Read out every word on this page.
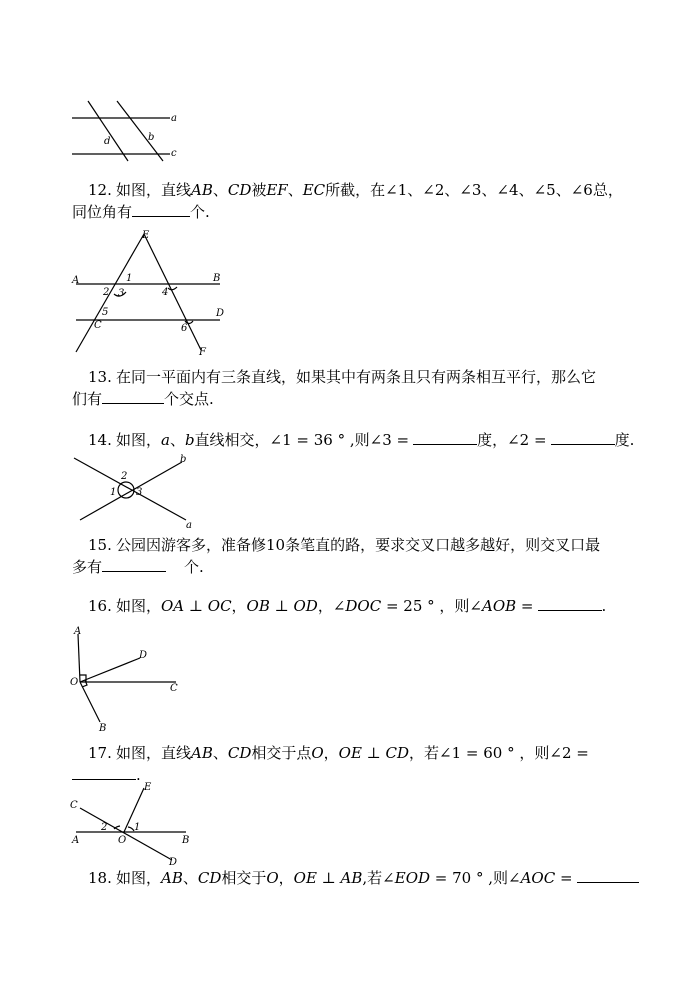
a
b
c
d
12. 如图，直线𝐴𝐵、𝐶𝐷被𝐸𝐹、𝐸𝐶所截，在∠1、∠2、∠3、∠4、∠5、∠6总，
同位角有	个.
E
A	B
C
D
F
1
2 3	4
5
6
13. 在同一平面内有三条直线，如果其中有两条且只有两条相互平行，那么它
们有	个交点.
14. 如图，𝑎、𝑏直线相交，∠1 = 36 ° ,则∠3 =	度，∠2 =	度.
b
a
2
1 3
15. 公园因游客多，准备修10条笔直的路，要求交叉口越多越好，则交叉口最
多有	个.
16. 如图，𝑂𝐴 ⊥ 𝑂𝐶，𝑂𝐵 ⊥ 𝑂𝐷，∠𝐷𝑂𝐶 = 25 ° ，则∠𝐴𝑂𝐵 =	.
A
D
O
C
B
17. 如图，直线𝐴𝐵、𝐶𝐷相交于点𝑂，𝑂𝐸 ⊥ 𝐶𝐷，若∠1 = 60 ° ，则∠2 =
.
E
C
2	1
A	O	B
D
18. 如图，𝐴𝐵、𝐶𝐷相交于𝑂，𝑂𝐸 ⊥ 𝐴𝐵,若∠𝐸𝑂𝐷 = 70 ° ,则∠𝐴𝑂𝐶 =
